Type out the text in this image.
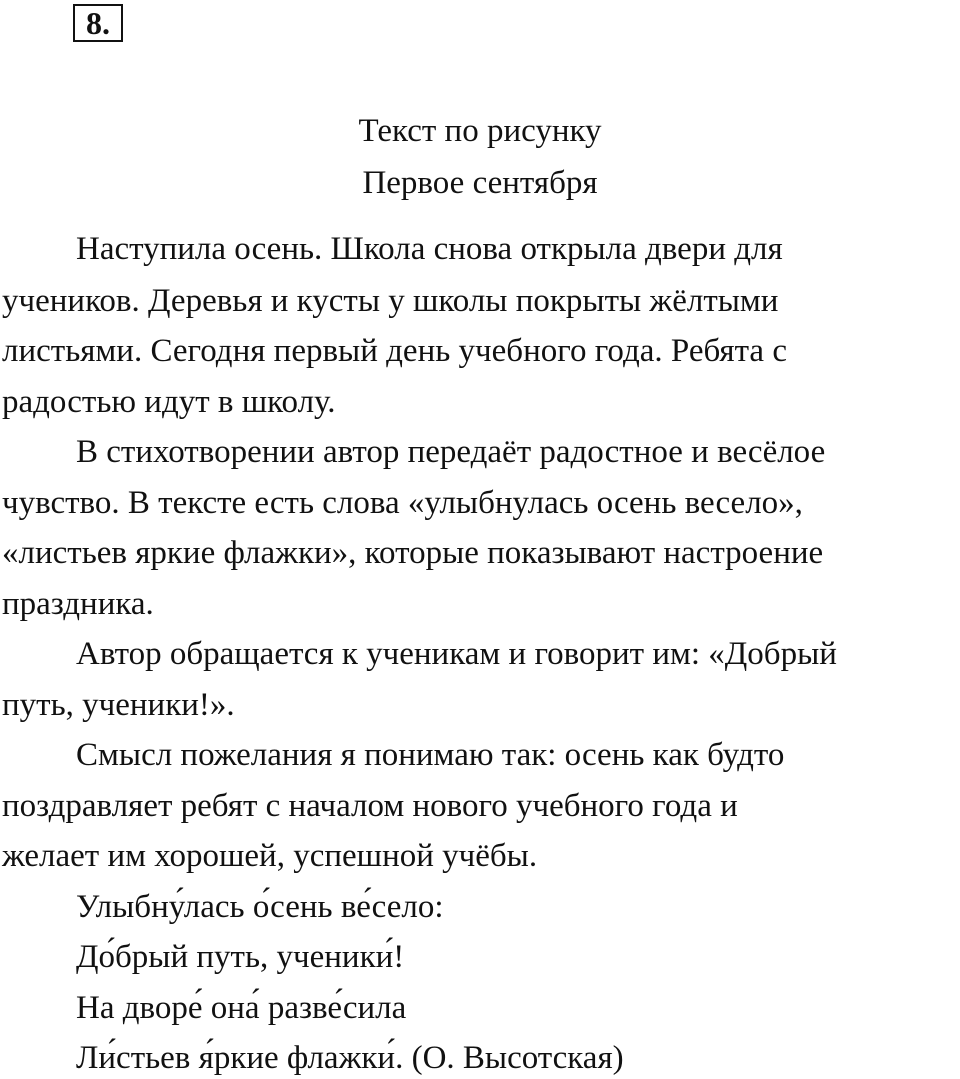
8.
Текст по рисунку
Первое сентября
Наступила осень. Школа снова открыла двери для
учеников. Деревья и кусты у школы покрыты жёлтыми
листьями. Сегодня первый день учебного года. Ребята с
радостью идут в школу.
В стихотворении автор передаёт радостное и весёлое
чувство. В тексте есть слова «улыбнулась осень весело»,
«листьев яркие флажки», которые показывают настроение
праздника.
Автор обращается к ученикам и говорит им: «Добрый
путь, ученики!».
Смысл пожелания я понимаю так: осень как будто
поздравляет ребят с началом нового учебного года и
желает им хорошей, успешной учёбы.
Улыбну́лась о́сень ве́село:
До́брый путь, ученики́!
На дворе́ она́ разве́сила
Ли́стьев я́ркие флажки́. (О. Высотская)
